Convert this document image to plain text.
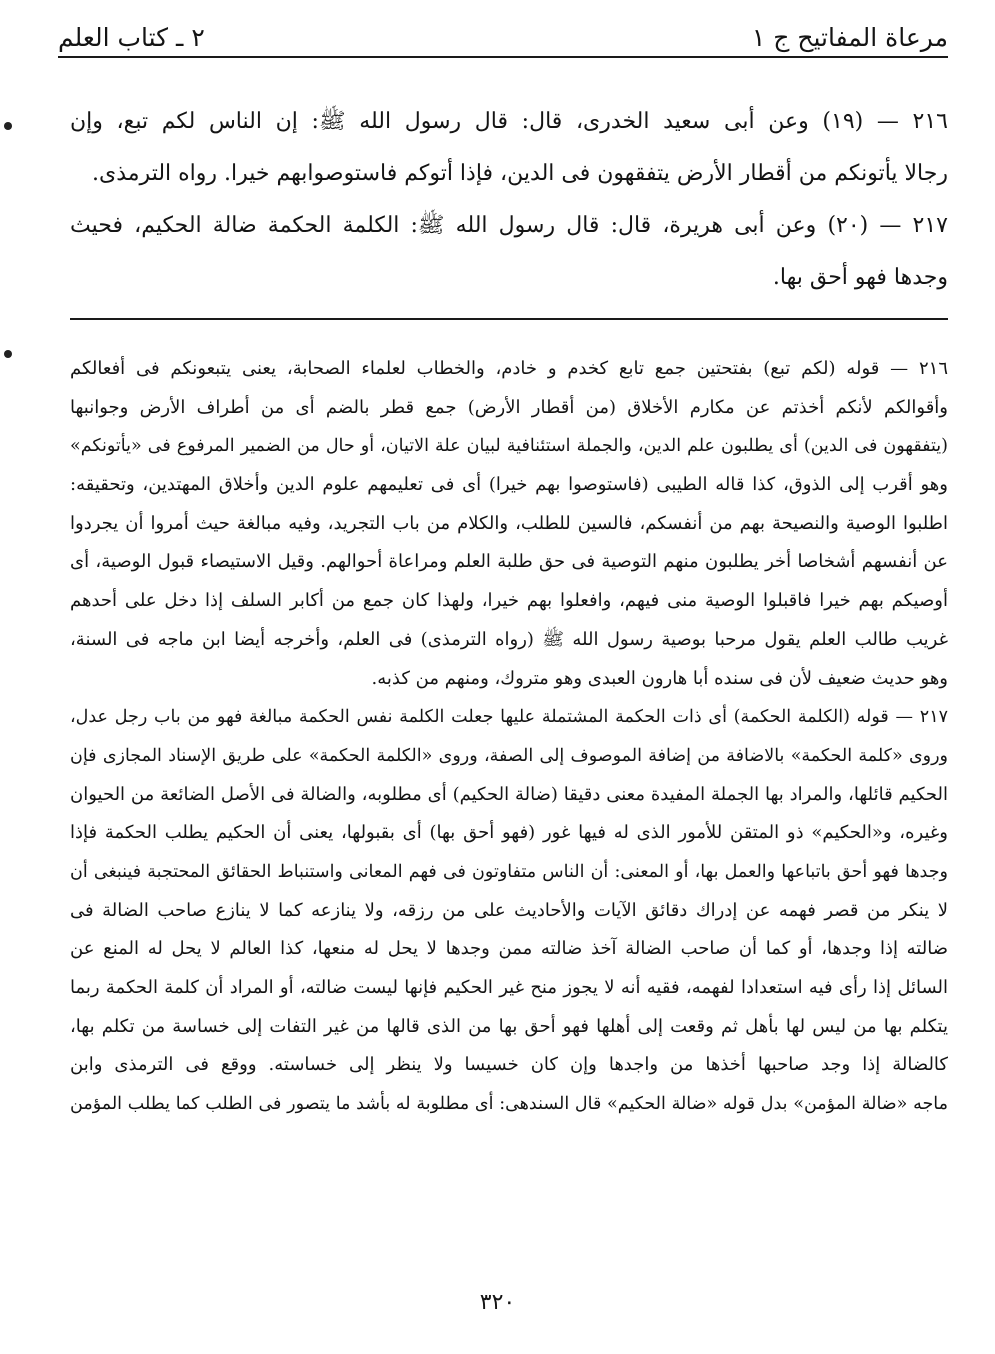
مرعاة المفاتيح ج ١
٢ ـ كتاب العلم

٢١٦ — (١٩) وعن أبى سعيد الخدرى، قال: قال رسول الله ﷺ: إن الناس لكم تبع، وإن
رجالا يأتونكم من أقطار الأرض يتفقهون فى الدين، فإذا أتوكم فاستوصوابهم خيرا. رواه الترمذى.

٢١٧ — (٢٠) وعن أبى هريرة، قال: قال رسول الله ﷺ: الكلمة الحكمة ضالة الحكيم، فحيث
وجدها فهو أحق بها.

٢١٦ — قوله (لكم تبع) بفتحتين جمع تابع كخدم و خادم، والخطاب لعلماء الصحابة، يعنى يتبعونكم فى أفعالكم
وأقوالكم لأنكم أخذتم عن مكارم الأخلاق (من أقطار الأرض) جمع قطر بالضم أى من أطراف الأرض وجوانبها
(يتفقهون فى الدين) أى يطلبون علم الدين، والجملة استئنافية لبيان علة الاتيان، أو حال من الضمير المرفوع فى «يأتونكم»
وهو أقرب إلى الذوق، كذا قاله الطيبى (فاستوصوا بهم خيرا) أى فى تعليمهم علوم الدين وأخلاق المهتدين، وتحقيقه:
اطلبوا الوصية والنصيحة بهم من أنفسكم، فالسين للطلب، والكلام من باب التجريد، وفيه مبالغة حيث أمروا أن يجردوا
عن أنفسهم أشخاصا أخر يطلبون منهم التوصية فى حق طلبة العلم ومراعاة أحوالهم. وقيل الاستيصاء قبول الوصية، أى
أوصيكم بهم خيرا فاقبلوا الوصية منى فيهم، وافعلوا بهم خيرا، ولهذا كان جمع من أكابر السلف إذا دخل على أحدهم
غريب طالب العلم يقول مرحبا بوصية رسول الله ﷺ (رواه الترمذى) فى العلم، وأخرجه أيضا ابن ماجه فى السنة،
وهو حديث ضعيف لأن فى سنده أبا هارون العبدى وهو متروك، ومنهم من كذبه.
٢١٧ — قوله (الكلمة الحكمة) أى ذات الحكمة المشتملة عليها جعلت الكلمة نفس الحكمة مبالغة فهو من باب رجل عدل،
وروى «كلمة الحكمة» بالاضافة من إضافة الموصوف إلى الصفة، وروى «الكلمة الحكمة» على طريق الإسناد المجازى فإن
الحكيم قائلها، والمراد بها الجملة المفيدة معنى دقيقا (ضالة الحكيم) أى مطلوبه، والضالة فى الأصل الضائعة من الحيوان
وغيره، و«الحكيم» ذو المتقن للأمور الذى له فيها غور (فهو أحق بها) أى بقبولها، يعنى أن الحكيم يطلب الحكمة فإذا
وجدها فهو أحق باتباعها والعمل بها، أو المعنى: أن الناس متفاوتون فى فهم المعانى واستنباط الحقائق المحتجبة فينبغى أن
لا ينكر من قصر فهمه عن إدراك دقائق الآيات والأحاديث على من رزقه، ولا ينازعه كما لا ينازع صاحب الضالة فى
ضالته إذا وجدها، أو كما أن صاحب الضالة آخذ ضالته ممن وجدها لا يحل له منعها، كذا العالم لا يحل له المنع عن
السائل إذا رأى فيه استعدادا لفهمه، فقيه أنه لا يجوز منح غير الحكيم فإنها ليست ضالته، أو المراد أن كلمة الحكمة ربما
يتكلم بها من ليس لها بأهل ثم وقعت إلى أهلها فهو أحق بها من الذى قالها من غير التفات إلى خساسة من تكلم بها،
كالضالة إذا وجد صاحبها أخذها من واجدها وإن كان خسيسا ولا ينظر إلى خساسته. ووقع فى الترمذى وابن
ماجه «ضالة المؤمن» بدل قوله «ضالة الحكيم» قال السندهى: أى مطلوبة له بأشد ما يتصور فى الطلب كما يطلب المؤمن
٣٢٠
